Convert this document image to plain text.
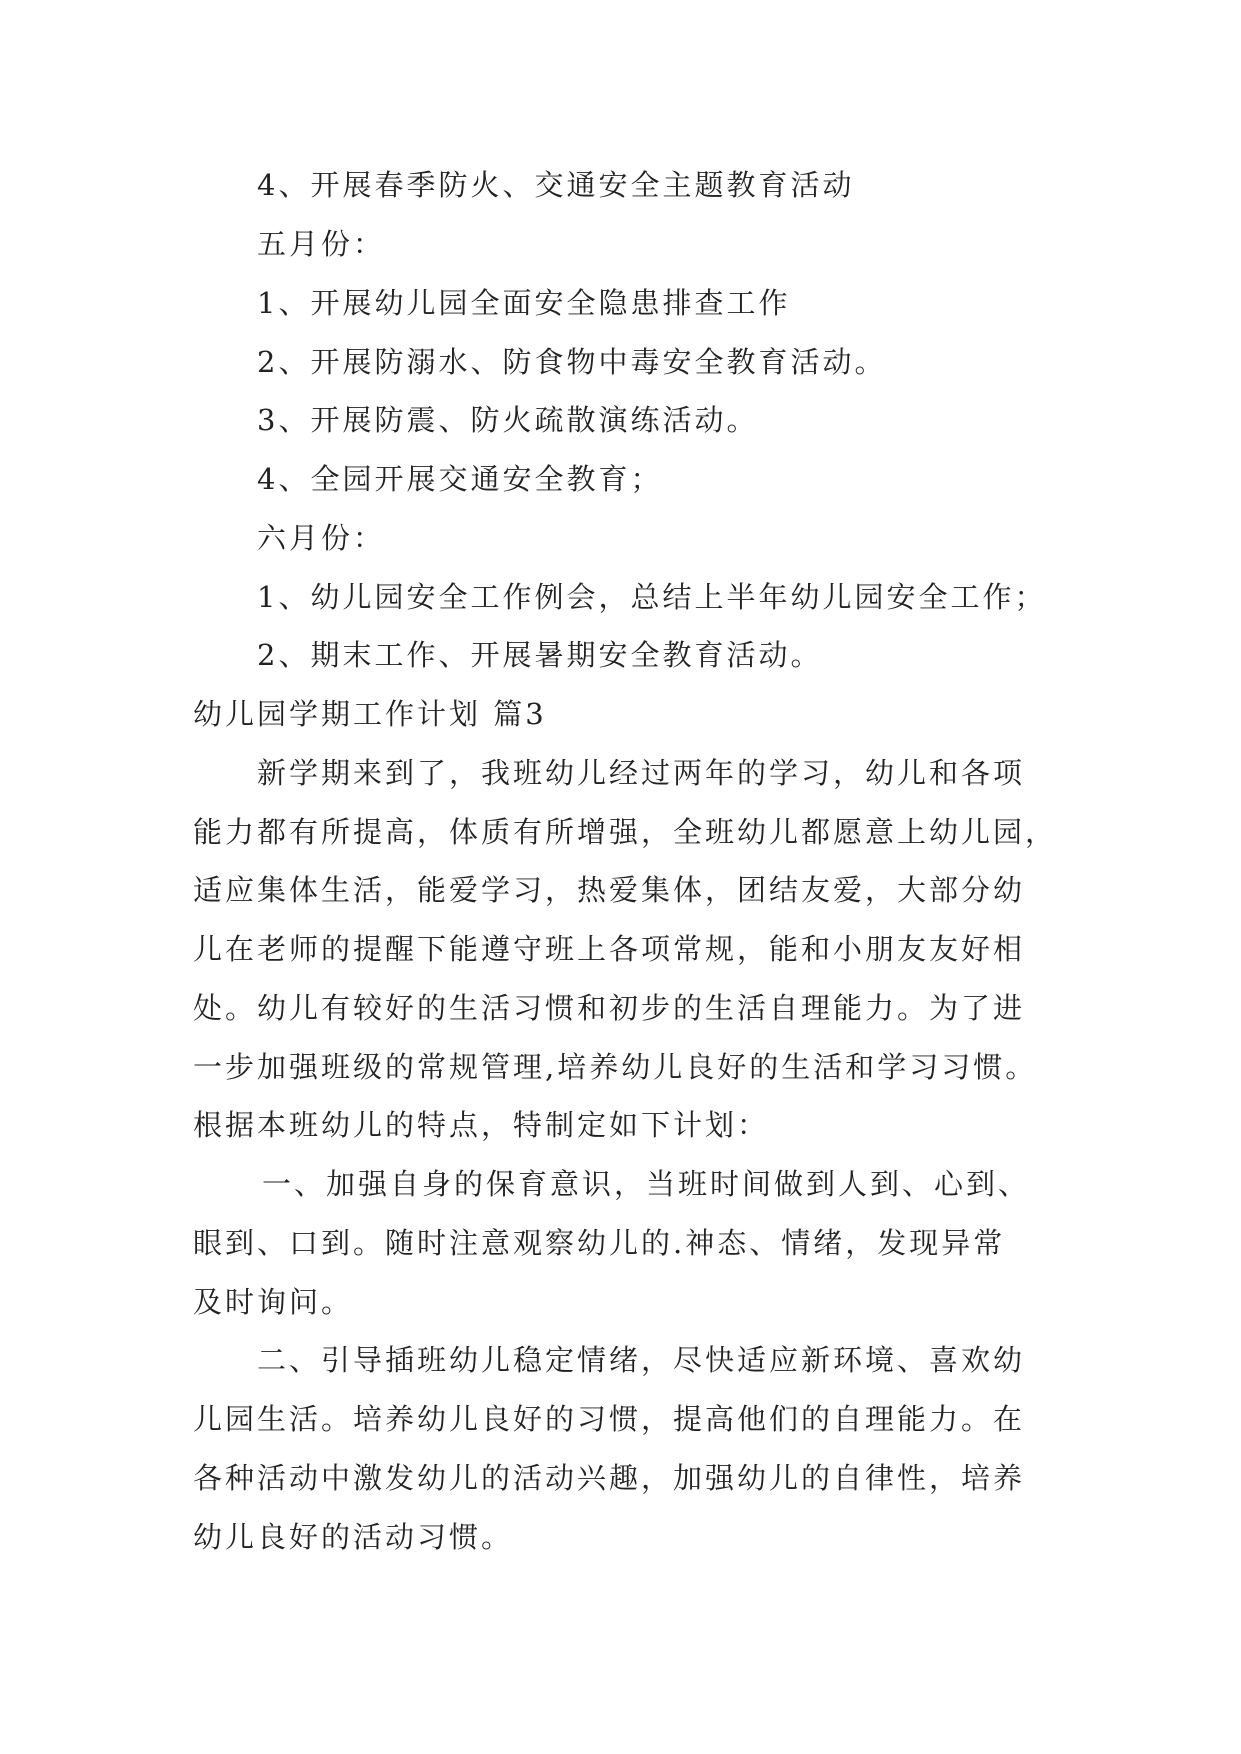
4、开展春季防火、交通安全主题教育活动
五月份：
1、开展幼儿园全面安全隐患排查工作
2、开展防溺水、防食物中毒安全教育活动。
3、开展防震、防火疏散演练活动。
4、全园开展交通安全教育；
六月份：
1、幼儿园安全工作例会，总结上半年幼儿园安全工作；
2、期末工作、开展暑期安全教育活动。
幼儿园学期工作计划 篇3
新学期来到了，我班幼儿经过两年的学习，幼儿和各项
能力都有所提高，体质有所增强，全班幼儿都愿意上幼儿园，
适应集体生活，能爱学习，热爱集体，团结友爱，大部分幼
儿在老师的提醒下能遵守班上各项常规，能和小朋友友好相
处。幼儿有较好的生活习惯和初步的生活自理能力。为了进
一步加强班级的常规管理,培养幼儿良好的生活和学习习惯。
根据本班幼儿的特点，特制定如下计划：
一、加强自身的保育意识，当班时间做到人到、心到、
眼到、口到。随时注意观察幼儿的.神态、情绪，发现异常
及时询问。
二、引导插班幼儿稳定情绪，尽快适应新环境、喜欢幼
儿园生活。培养幼儿良好的习惯，提高他们的自理能力。在
各种活动中激发幼儿的活动兴趣，加强幼儿的自律性，培养
幼儿良好的活动习惯。
